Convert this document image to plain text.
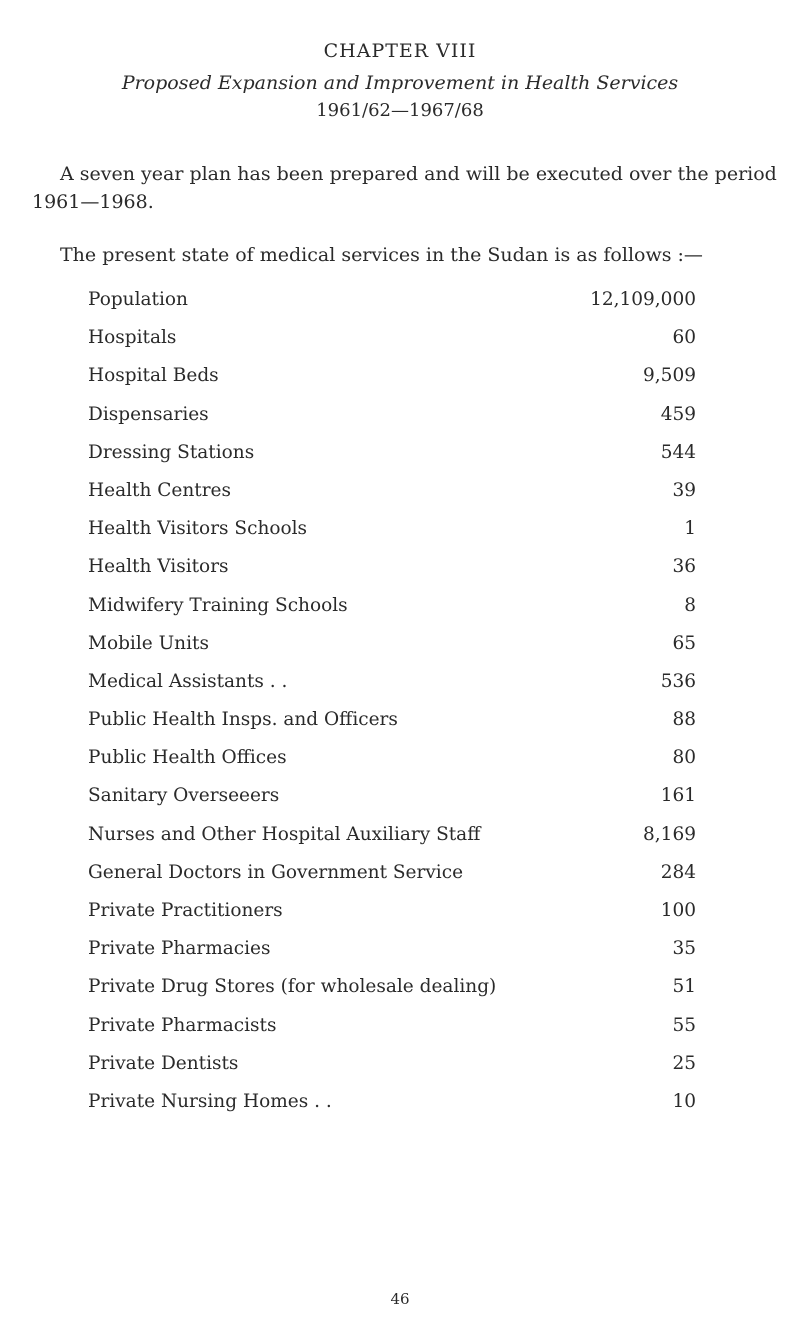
CHAPTER VIII
Proposed Expansion and Improvement in Health Services
1961/62—1967/68
A seven year plan has been prepared and will be executed over the period
1961—1968.
The present state of medical services in the Sudan is as follows :—
Population	12,109,000
Hospitals	60
Hospital Beds	9,509
Dispensaries	459
Dressing Stations	544
Health Centres	39
Health Visitors Schools	1
Health Visitors	36
Midwifery Training Schools	8
Mobile Units	65
Medical Assistants . .	536
Public Health Insps. and Officers	88
Public Health Offices	80
Sanitary Overseeers	161
Nurses and Other Hospital Auxiliary Staff	8,169
General Doctors in Government Service	284
Private Practitioners	100
Private Pharmacies	35
Private Drug Stores (for wholesale dealing)	51
Private Pharmacists	55
Private Dentists	25
Private Nursing Homes . .	10
46
